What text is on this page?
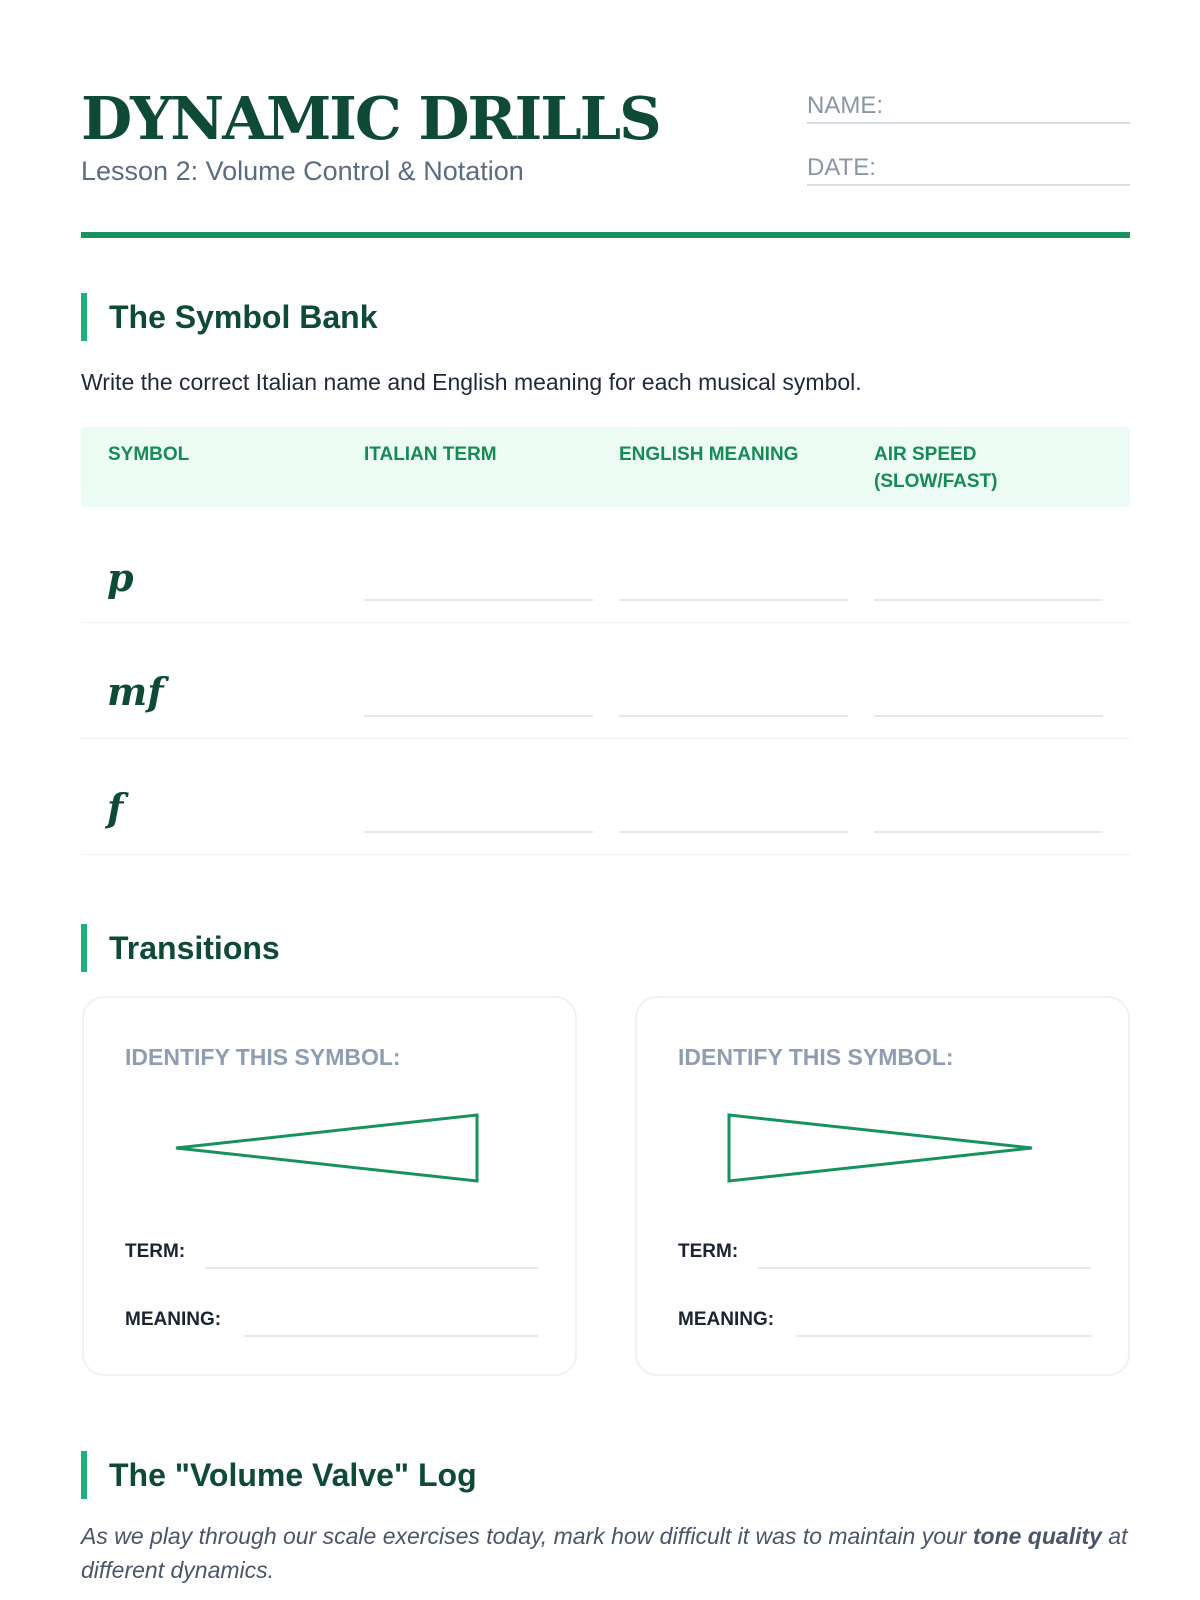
DYNAMIC DRILLS
Lesson 2: Volume Control & Notation
NAME:
DATE:
The Symbol Bank
Write the correct Italian name and English meaning for each musical symbol.
SYMBOL	ITALIAN TERM	ENGLISH MEANING	AIR SPEED (SLOW/FAST)
p
mf
f
Transitions
IDENTIFY THIS SYMBOL:
TERM:
MEANING:
IDENTIFY THIS SYMBOL:
TERM:
MEANING:
The "Volume Valve" Log
As we play through our scale exercises today, mark how difficult it was to maintain your tone quality at different dynamics.
